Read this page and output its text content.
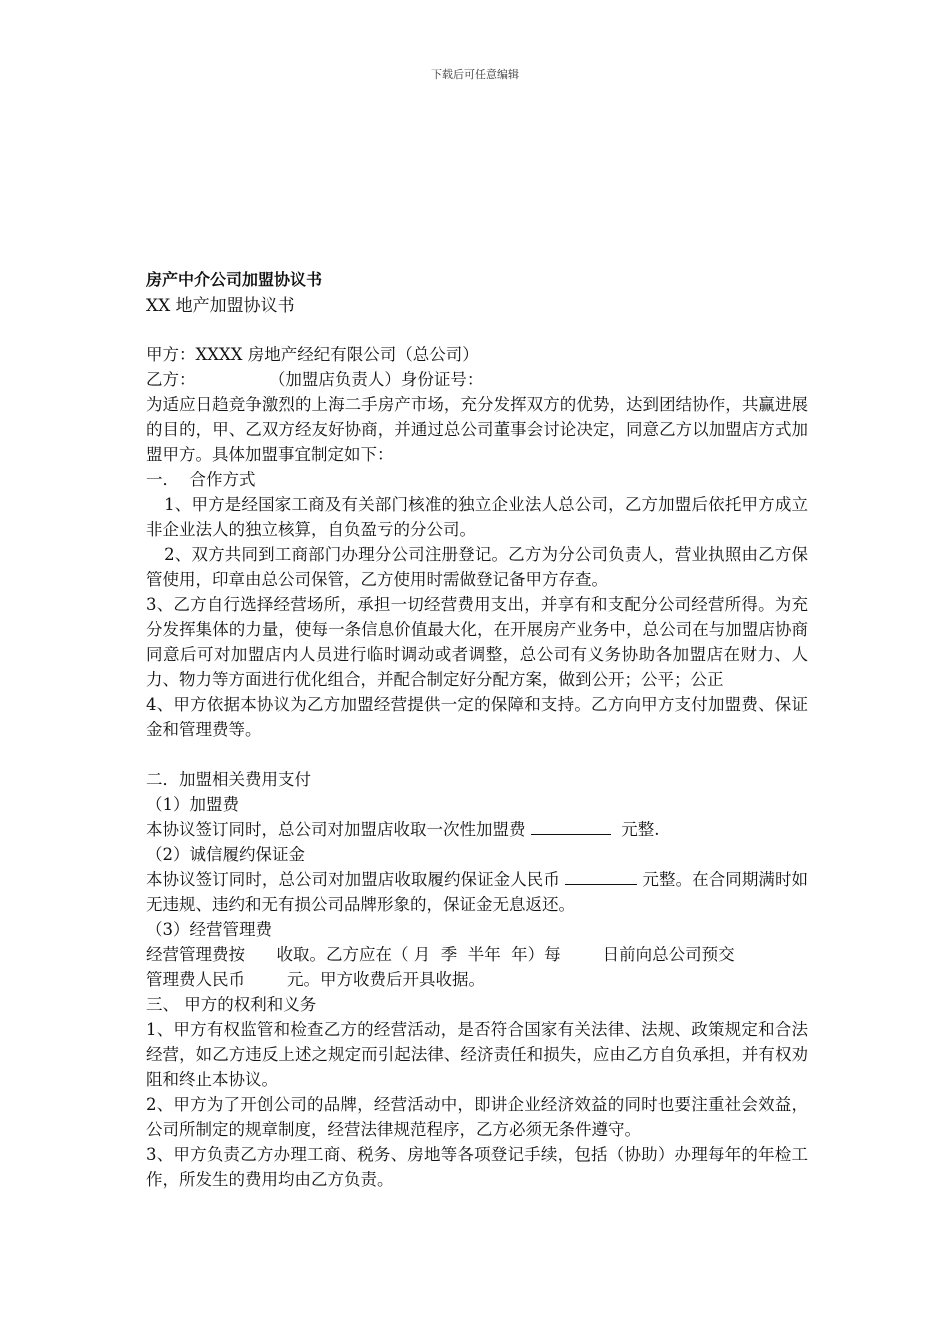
下载后可任意编辑
房产中介公司加盟协议书
XX 地产加盟协议书
甲方：XXXX 房地产经纪有限公司（总公司）
乙方：              （加盟店负责人）身份证号：
为适应日趋竞争激烈的上海二手房产市场，充分发挥双方的优势，达到团结协作，共赢进展的目的，甲、乙双方经友好协商，并通过总公司董事会讨论决定，同意乙方以加盟店方式加盟甲方。具体加盟事宜制定如下：
一．  合作方式
1、甲方是经国家工商及有关部门核准的独立企业法人总公司，乙方加盟后依托甲方成立非企业法人的独立核算，自负盈亏的分公司。
2、双方共同到工商部门办理分公司注册登记。乙方为分公司负责人，营业执照由乙方保管使用，印章由总公司保管，乙方使用时需做登记备甲方存查。
3、乙方自行选择经营场所，承担一切经营费用支出，并享有和支配分公司经营所得。为充分发挥集体的力量，使每一条信息价值最大化，在开展房产业务中，总公司在与加盟店协商同意后可对加盟店内人员进行临时调动或者调整，总公司有义务协助各加盟店在财力、人力、物力等方面进行优化组合，并配合制定好分配方案，做到公开；公平；公正
4、甲方依据本协议为乙方加盟经营提供一定的保障和支持。乙方向甲方支付加盟费、保证金和管理费等。
二．加盟相关费用支付
（1）加盟费
本协议签订同时，总公司对加盟店收取一次性加盟费	元整.
（2）诚信履约保证金
本协议签订同时，总公司对加盟店收取履约保证金人民币	元整。在合同期满时如无违规、违约和无有损公司品牌形象的，保证金无息返还。
（3）经营管理费
经营管理费按      收取。乙方应在（ 月  季  半年  年）每        日前向总公司预交
管理费人民币        元。甲方收费后开具收据。
三、 甲方的权利和义务
1、甲方有权监管和检查乙方的经营活动，是否符合国家有关法律、法规、政策规定和合法经营，如乙方违反上述之规定而引起法律、经济责任和损失，应由乙方自负承担，并有权劝阻和终止本协议。
2、甲方为了开创公司的品牌，经营活动中，即讲企业经济效益的同时也要注重社会效益，公司所制定的规章制度，经营法律规范程序，乙方必须无条件遵守。
3、甲方负责乙方办理工商、税务、房地等各项登记手续，包括（协助）办理每年的年检工作，所发生的费用均由乙方负责。
